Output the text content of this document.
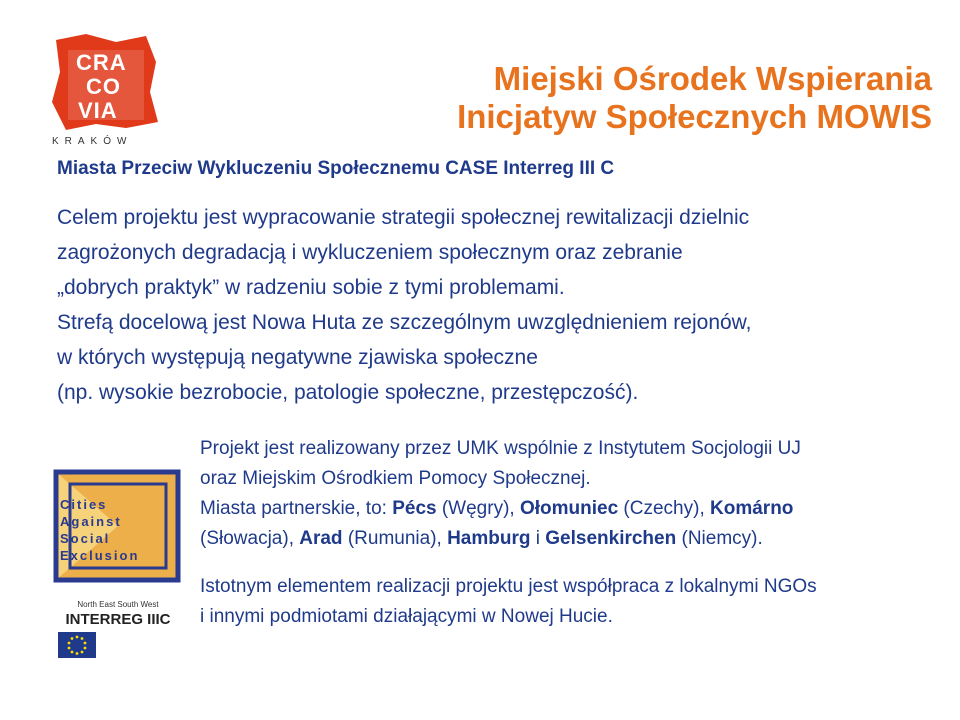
CRA
CO
VIA
KRAKÓW
Miejski Ośrodek Wspierania
Inicjatyw Społecznych MOWIS
Miasta Przeciw Wykluczeniu Społecznemu CASE Interreg III C

Celem projektu jest wypracowanie strategii społecznej rewitalizacji dzielnic

zagrożonych degradacją i wykluczeniem społecznym oraz zebranie

„dobrych praktyk” w radzeniu sobie z tymi problemami.

Strefą docelową jest Nowa Huta ze szczególnym uwzględnieniem rejonów,

w których występują negatywne zjawiska społeczne

(np. wysokie bezrobocie, patologie społeczne, przestępczość).

Cities
Against
Social
Exclusion
North East South West
INTERREG IIIC

Projekt jest realizowany przez UMK wspólnie z Instytutem Socjologii UJ

oraz Miejskim Ośrodkiem Pomocy Społecznej.

Miasta partnerskie, to: Pécs (Węgry), Ołomuniec (Czechy), Komárno

(Słowacja), Arad (Rumunia), Hamburg i Gelsenkirchen (Niemcy).

Istotnym elementem realizacji projektu jest współpraca z lokalnymi NGOs

i innymi podmiotami działającymi w Nowej Hucie.
